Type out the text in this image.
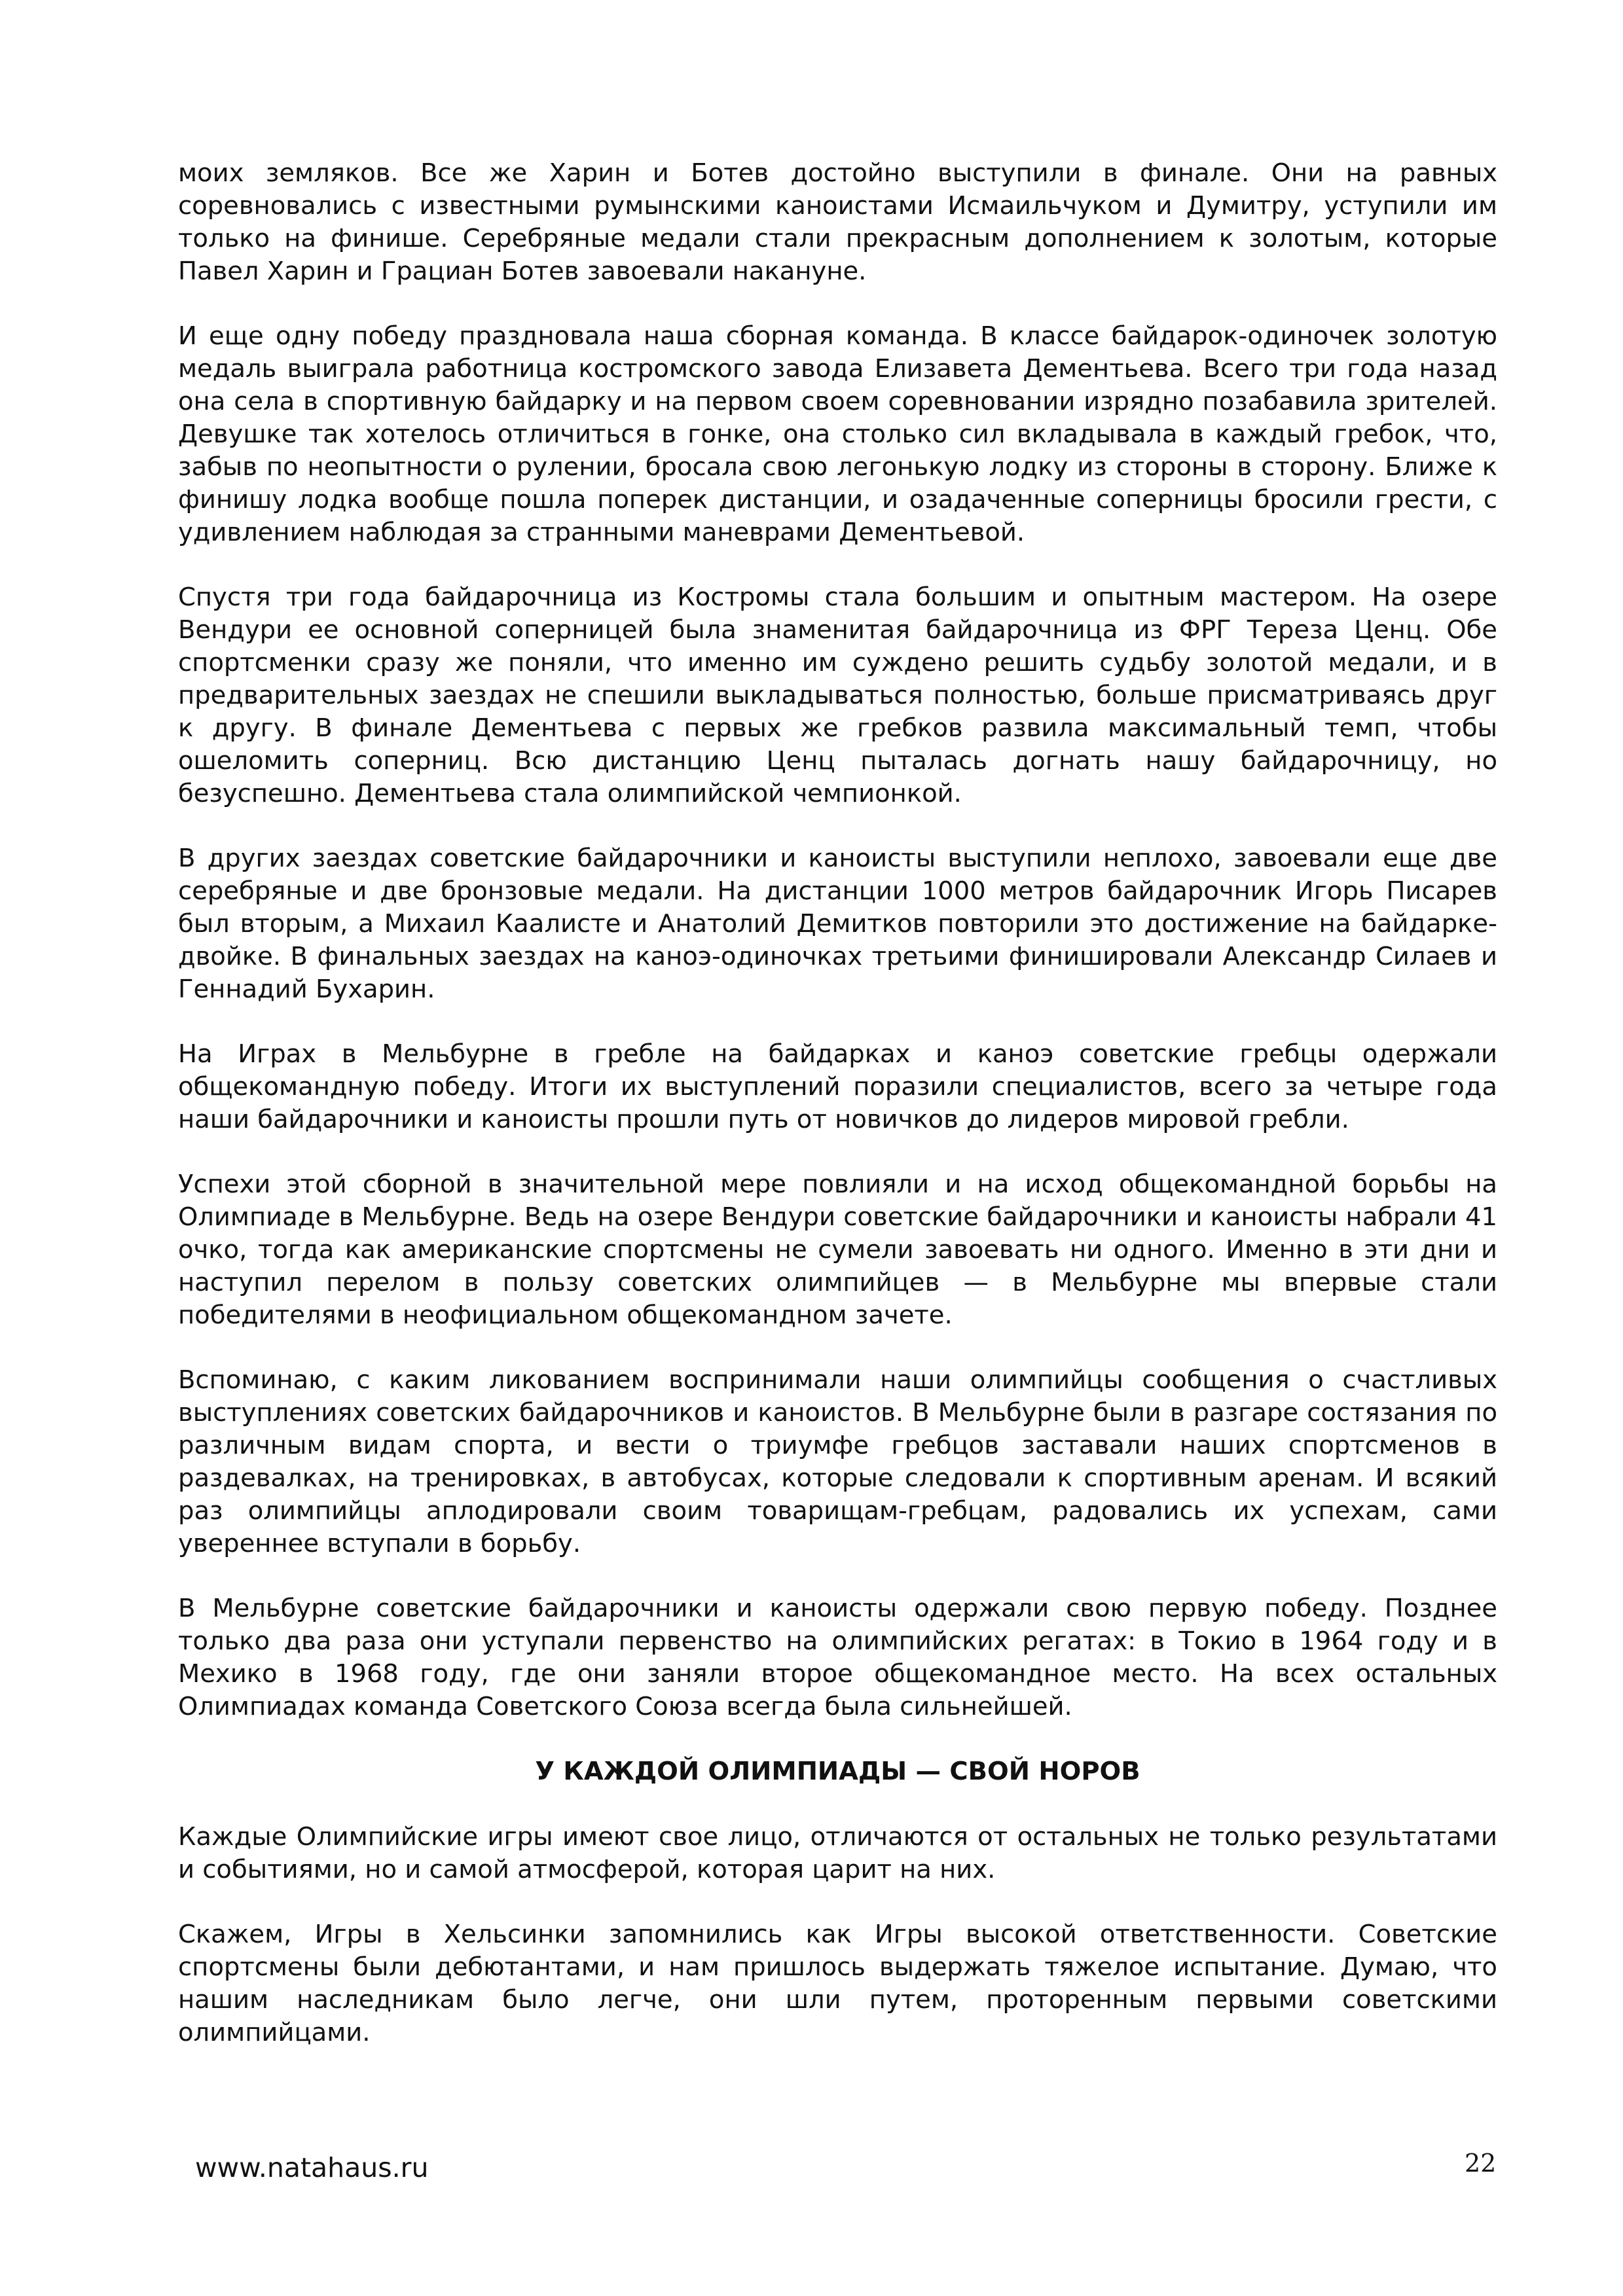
моих земляков. Все же Харин и Ботев достойно выступили в финале. Они на равных соревновались с известными румынскими каноистами Исмаильчуком и Думитру, уступили им только на финише. Серебряные медали стали прекрасным дополнением к золотым, которые Павел Харин и Грациан Ботев завоевали накануне.

И еще одну победу праздновала наша сборная команда. В классе байдарок-одиночек золотую медаль выиграла работница костромского завода Елизавета Дементьева. Всего три года назад она села в спортивную байдарку и на первом своем соревновании изрядно позабавила зрителей. Девушке так хотелось отличиться в гонке, она столько сил вкладывала в каждый гребок, что, забыв по неопытности о рулении, бросала свою легонькую лодку из стороны в сторону. Ближе к финишу лодка вообще пошла поперек дистанции, и озадаченные соперницы бросили грести, с удивлением наблюдая за странными маневрами Дементьевой.

Спустя три года байдарочница из Костромы стала большим и опытным мастером. На озере Вендури ее основной соперницей была знаменитая байдарочница из ФРГ Тереза Ценц. Обе спортсменки сразу же поняли, что именно им суждено решить судьбу золотой медали, и в предварительных заездах не спешили выкладываться полностью, больше присматриваясь друг к другу. В финале Дементьева с первых же гребков развила максимальный темп, чтобы ошеломить соперниц. Всю дистанцию Ценц пыталась догнать нашу байдарочницу, но безуспешно. Дементьева стала олимпийской чемпионкой.

В других заездах советские байдарочники и каноисты выступили неплохо, завоевали еще две серебряные и две бронзовые медали. На дистанции 1000 метров байдарочник Игорь Писарев был вторым, а Михаил Каалисте и Анатолий Демитков повторили это достижение на байдарке-двойке. В финальных заездах на каноэ-одиночках третьими финишировали Александр Силаев и Геннадий Бухарин.

На Играх в Мельбурне в гребле на байдарках и каноэ советские гребцы одержали общекомандную победу. Итоги их выступлений поразили специалистов, всего за четыре года наши байдарочники и каноисты прошли путь от новичков до лидеров мировой гребли.

Успехи этой сборной в значительной мере повлияли и на исход общекомандной борьбы на Олимпиаде в Мельбурне. Ведь на озере Вендури советские байдарочники и каноисты набрали 41 очко, тогда как американские спортсмены не сумели завоевать ни одного. Именно в эти дни и наступил перелом в пользу советских олимпийцев — в Мельбурне мы впервые стали победителями в неофициальном общекомандном зачете.

Вспоминаю, с каким ликованием воспринимали наши олимпийцы сообщения о счастливых выступлениях советских байдарочников и каноистов. В Мельбурне были в разгаре состязания по различным видам спорта, и вести о триумфе гребцов заставали наших спортсменов в раздевалках, на тренировках, в автобусах, которые следовали к спортивным аренам. И всякий раз олимпийцы аплодировали своим товарищам-гребцам, радовались их успехам, сами увереннее вступали в борьбу.

В Мельбурне советские байдарочники и каноисты одержали свою первую победу. Позднее только два раза они уступали первенство на олимпийских регатах: в Токио в 1964 году и в Мехико в 1968 году, где они заняли второе общекомандное место. На всех остальных Олимпиадах команда Советского Союза всегда была сильнейшей.

У КАЖДОЙ ОЛИМПИАДЫ — СВОЙ НОРОВ

Каждые Олимпийские игры имеют свое лицо, отличаются от остальных не только результатами и событиями, но и самой атмосферой, которая царит на них.

Скажем, Игры в Хельсинки запомнились как Игры высокой ответственности. Советские спортсмены были дебютантами, и нам пришлось выдержать тяжелое испытание. Думаю, что нашим наследникам было легче, они шли путем, проторенным первыми советскими олимпийцами.

www.natahaus.ru	22
